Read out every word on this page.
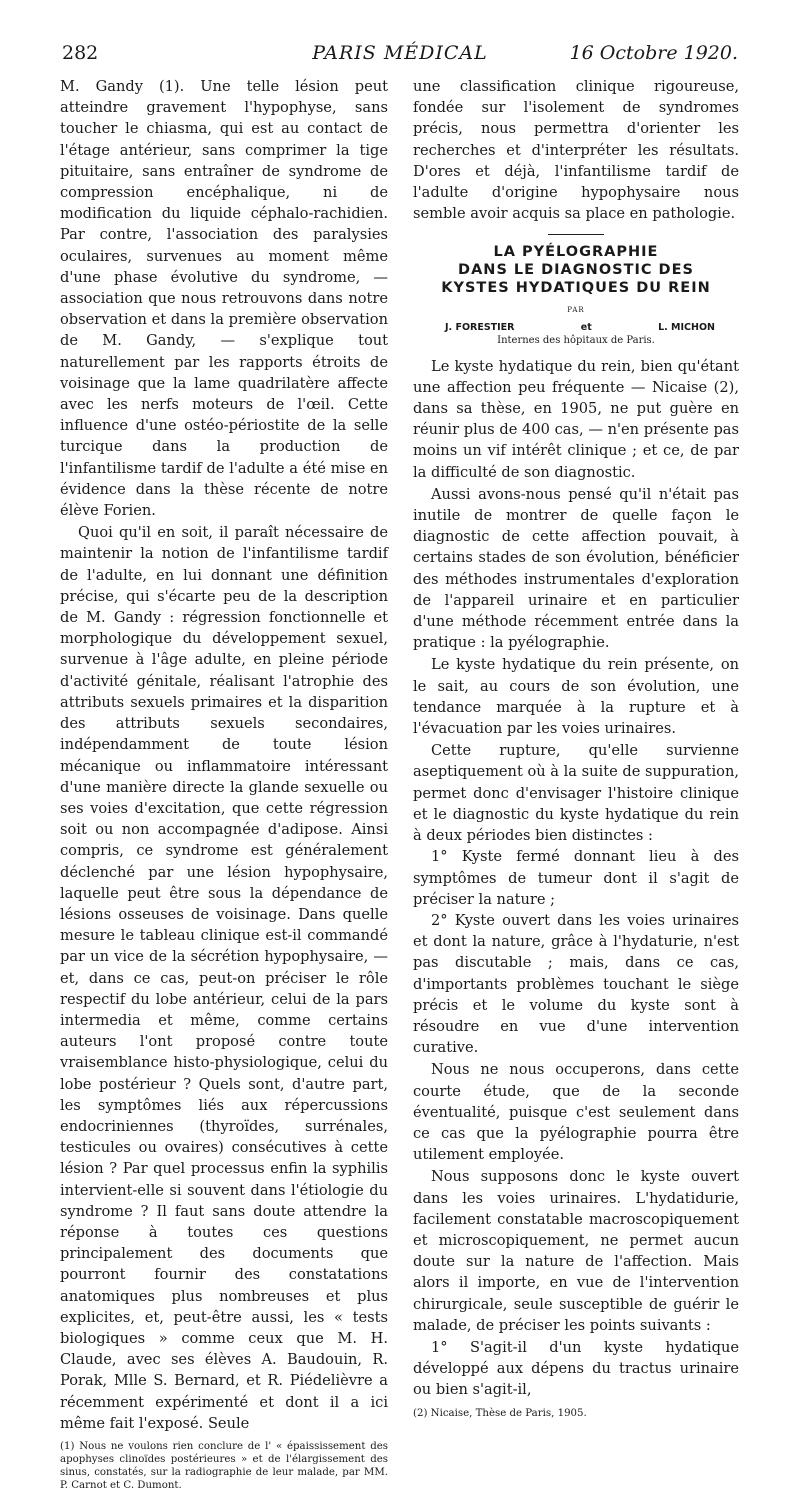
282	PARIS MÉDICAL	16 Octobre 1920.

M. Gandy (1). Une telle lésion peut atteindre gravement l'hypophyse, sans toucher le chiasma, qui est au contact de l'étage antérieur, sans comprimer la tige pituitaire, sans entraîner de syndrome de compression encéphalique, ni de modification du liquide céphalo-rachidien. Par contre, l'association des paralysies oculaires, survenues au moment même d'une phase évolutive du syndrome, — association que nous retrouvons dans notre observation et dans la première observation de M. Gandy, — s'explique tout naturellement par les rapports étroits de voisinage que la lame quadrilatère affecte avec les nerfs moteurs de l'œil. Cette influence d'une ostéo-périostite de la selle turcique dans la production de l'infantilisme tardif de l'adulte a été mise en évidence dans la thèse récente de notre élève Forien.

Quoi qu'il en soit, il paraît nécessaire de maintenir la notion de l'infantilisme tardif de l'adulte, en lui donnant une définition précise, qui s'écarte peu de la description de M. Gandy : régression fonctionnelle et morphologique du développement sexuel, survenue à l'âge adulte, en pleine période d'activité génitale, réalisant l'atrophie des attributs sexuels primaires et la disparition des attributs sexuels secondaires, indépendamment de toute lésion mécanique ou inflammatoire intéressant d'une manière directe la glande sexuelle ou ses voies d'excitation, que cette régression soit ou non accompagnée d'adipose. Ainsi compris, ce syndrome est généralement déclenché par une lésion hypophysaire, laquelle peut être sous la dépendance de lésions osseuses de voisinage. Dans quelle mesure le tableau clinique est-il commandé par un vice de la sécrétion hypophysaire, — et, dans ce cas, peut-on préciser le rôle respectif du lobe antérieur, celui de la pars intermedia et même, comme certains auteurs l'ont proposé contre toute vraisemblance histo-physiologique, celui du lobe postérieur ? Quels sont, d'autre part, les symptômes liés aux répercussions endocriniennes (thyroïdes, surrénales, testicules ou ovaires) consécutives à cette lésion ? Par quel processus enfin la syphilis intervient-elle si souvent dans l'étiologie du syndrome ? Il faut sans doute attendre la réponse à toutes ces questions principalement des documents que pourront fournir des constatations anatomiques plus nombreuses et plus explicites, et, peut-être aussi, les « tests biologiques » comme ceux que M. H. Claude, avec ses élèves A. Baudouin, R. Porak, Mlle S. Bernard, et R. Piédelièvre a récemment expérimenté et dont il a ici même fait l'exposé. Seule

(1) Nous ne voulons rien conclure de l' « épaississement des apophyses clinoïdes postérieures » et de l'élargissement des sinus, constatés, sur la radiographie de leur malade, par MM. P. Carnot et C. Dumont.

une classification clinique rigoureuse, fondée sur l'isolement de syndromes précis, nous permettra d'orienter les recherches et d'interpréter les résultats. D'ores et déjà, l'infantilisme tardif de l'adulte d'origine hypophysaire nous semble avoir acquis sa place en pathologie.

LA PYÉLOGRAPHIE
DANS LE DIAGNOSTIC DES
KYSTES HYDATIQUES DU REIN
PAR
J. FORESTIER	et	L. MICHON
Internes des hôpitaux de Paris.

Le kyste hydatique du rein, bien qu'étant une affection peu fréquente — Nicaise (2), dans sa thèse, en 1905, ne put guère en réunir plus de 400 cas, — n'en présente pas moins un vif intérêt clinique ; et ce, de par la difficulté de son diagnostic.

Aussi avons-nous pensé qu'il n'était pas inutile de montrer de quelle façon le diagnostic de cette affection pouvait, à certains stades de son évolution, bénéficier des méthodes instrumentales d'exploration de l'appareil urinaire et en particulier d'une méthode récemment entrée dans la pratique : la pyélographie.

Le kyste hydatique du rein présente, on le sait, au cours de son évolution, une tendance marquée à la rupture et à l'évacuation par les voies urinaires.

Cette rupture, qu'elle survienne aseptiquement où à la suite de suppuration, permet donc d'envisager l'histoire clinique et le diagnostic du kyste hydatique du rein à deux périodes bien distinctes :

1° Kyste fermé donnant lieu à des symptômes de tumeur dont il s'agit de préciser la nature ;

2° Kyste ouvert dans les voies urinaires et dont la nature, grâce à l'hydaturie, n'est pas discutable ; mais, dans ce cas, d'importants problèmes touchant le siège précis et le volume du kyste sont à résoudre en vue d'une intervention curative.

Nous ne nous occuperons, dans cette courte étude, que de la seconde éventualité, puisque c'est seulement dans ce cas que la pyélographie pourra être utilement employée.

Nous supposons donc le kyste ouvert dans les voies urinaires. L'hydatidurie, facilement constatable macroscopiquement et microscopiquement, ne permet aucun doute sur la nature de l'affection. Mais alors il importe, en vue de l'intervention chirurgicale, seule susceptible de guérir le malade, de préciser les points suivants :

1° S'agit-il d'un kyste hydatique développé aux dépens du tractus urinaire ou bien s'agit-il,

(2) Nicaise, Thèse de Paris, 1905.
